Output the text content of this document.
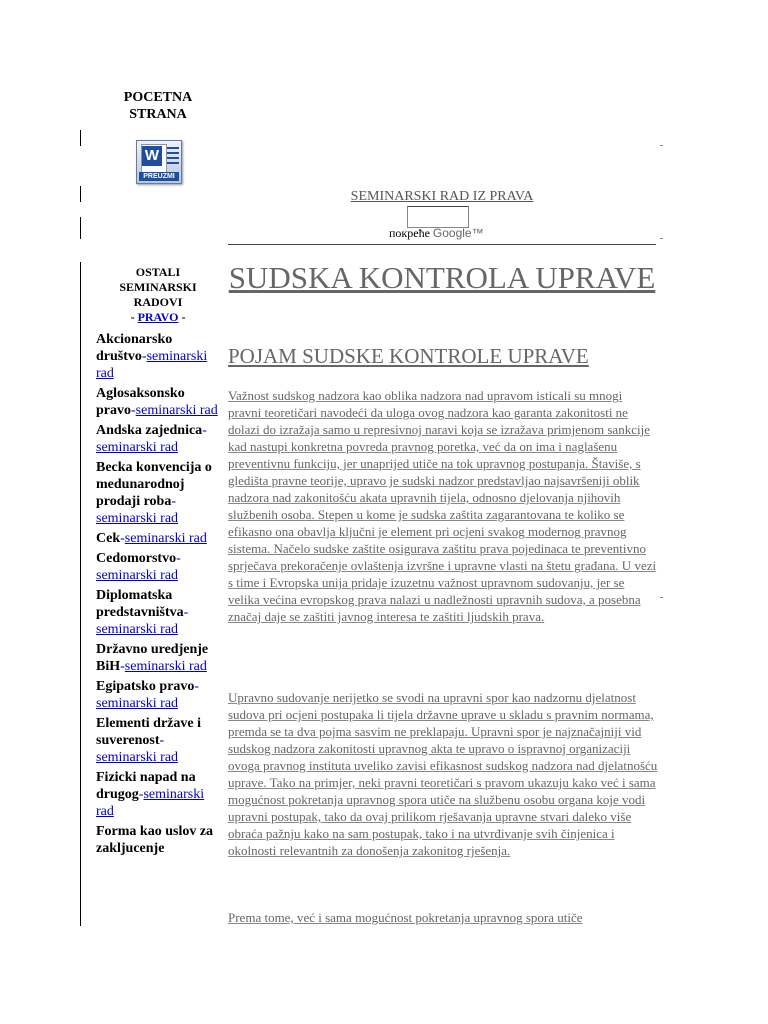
POCETNA STRANA
W
PREUZMI
SEMINARSKI RAD IZ PRAVA
покреће Google™
OSTALI SEMINARSKI RADOVI
- PRAVO -
Akcionarsko društvo-seminarski rad
Aglosaksonsko pravo-seminarski rad
Andska zajednica-seminarski rad
Becka konvencija o medunarodnoj prodaji roba-seminarski rad
Cek-seminarski rad
Cedomorstvo-seminarski rad
Diplomatska predstavništva-seminarski rad
Državno uredjenje BiH-seminarski rad
Egipatsko pravo-seminarski rad
Elementi države i suverenost-seminarski rad
Fizicki napad na drugog-seminarski rad
Forma kao uslov za zakljucenje
SUDSKA KONTROLA UPRAVE
POJAM SUDSKE KONTROLE UPRAVE

Važnost sudskog nadzora kao oblika nadzora nad upravom isticali su mnogi pravni teoretičari navodeći da uloga ovog nadzora kao garanta zakonitosti ne dolazi do izražaja samo u represivnoj naravi koja se izražava primjenom sankcije kad nastupi konkretna povreda pravnog poretka, već da on ima i naglašenu preventivnu funkciju, jer unaprijed utiče na tok upravnog postupanja. Štaviše, s gledišta pravne teorije, upravo je sudski nadzor predstavljao najsavršeniji oblik nadzora nad zakonitošću akata upravnih tijela, odnosno djelovanja njihovih službenih osoba. Stepen u kome je sudska zaštita zagarantovana te koliko se efikasno ona obavlja ključni je element pri ocjeni svakog modernog pravnog sistema. Načelo sudske zaštite osigurava zaštitu prava pojedinaca te preventivno sprječava prekoračenje ovlaštenja izvršne i upravne vlasti na štetu građana. U vezi s time i Evropska unija pridaje izuzetnu važnost upravnom sudovanju, jer se velika većina evropskog prava nalazi u nadležnosti upravnih sudova, a posebna značaj daje se zaštiti javnog interesa te zaštiti ljudskih prava.

Upravno sudovanje nerijetko se svodi na upravni spor kao nadzornu djelatnost sudova pri ocjeni postupaka li tijela državne uprave u skladu s pravnim normama, premda se ta dva pojma sasvim ne preklapaju. Upravni spor je najznačajniji vid sudskog nadzora zakonitosti upravnog akta te upravo o ispravnoj organizaciji ovoga pravnog instituta uveliko zavisi efikasnost sudskog nadzora nad djelatnošću uprave. Tako na primjer, neki pravni teoretičari s pravom ukazuju kako već i sama mogućnost pokretanja upravnog spora utiče na službenu osobu organa koje vodi upravni postupak, tako da ovaj prilikom rješavanja upravne stvari daleko više obraća pažnju kako na sam postupak, tako i na utvrđivanje svih činjenica i okolnosti relevantnih za donošenja zakonitog rješenja.

Prema tome, već i sama mogućnost pokretanja upravnog spora utiče
